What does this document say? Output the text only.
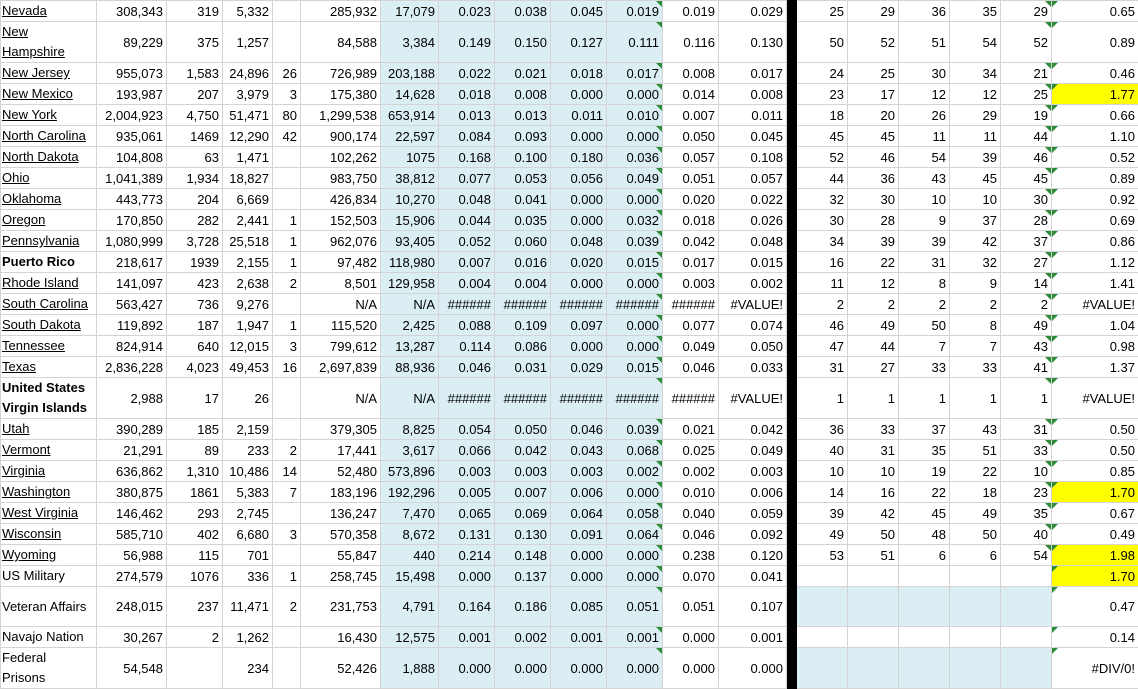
Nevada	308,343	319	5,332		285,932	17,079	0.023	0.038	0.045	0.019	0.019	0.029		25	29	36	35	29	0.65
New Hampshire	89,229	375	1,257		84,588	3,384	0.149	0.150	0.127	0.111	0.116	0.130		50	52	51	54	52	0.89
New Jersey	955,073	1,583	24,896	26	726,989	203,188	0.022	0.021	0.018	0.017	0.008	0.017		24	25	30	34	21	0.46
New Mexico	193,987	207	3,979	3	175,380	14,628	0.018	0.008	0.000	0.000	0.014	0.008		23	17	12	12	25	1.77
New York	2,004,923	4,750	51,471	80	1,299,538	653,914	0.013	0.013	0.011	0.010	0.007	0.011		18	20	26	29	19	0.66
North Carolina	935,061	1469	12,290	42	900,174	22,597	0.084	0.093	0.000	0.000	0.050	0.045		45	45	11	11	44	1.10
North Dakota	104,808	63	1,471		102,262	1075	0.168	0.100	0.180	0.036	0.057	0.108		52	46	54	39	46	0.52
Ohio	1,041,389	1,934	18,827		983,750	38,812	0.077	0.053	0.056	0.049	0.051	0.057		44	36	43	45	45	0.89
Oklahoma	443,773	204	6,669		426,834	10,270	0.048	0.041	0.000	0.000	0.020	0.022		32	30	10	10	30	0.92
Oregon	170,850	282	2,441	1	152,503	15,906	0.044	0.035	0.000	0.032	0.018	0.026		30	28	9	37	28	0.69
Pennsylvania	1,080,999	3,728	25,518	1	962,076	93,405	0.052	0.060	0.048	0.039	0.042	0.048		34	39	39	42	37	0.86
Puerto Rico	218,617	1939	2,155	1	97,482	118,980	0.007	0.016	0.020	0.015	0.017	0.015		16	22	31	32	27	1.12
Rhode Island	141,097	423	2,638	2	8,501	129,958	0.004	0.004	0.000	0.000	0.003	0.002		11	12	8	9	14	1.41
South Carolina	563,427	736	9,276		N/A	N/A	######	######	######	######	######	#VALUE!		2	2	2	2	2	#VALUE!
South Dakota	119,892	187	1,947	1	115,520	2,425	0.088	0.109	0.097	0.000	0.077	0.074		46	49	50	8	49	1.04
Tennessee	824,914	640	12,015	3	799,612	13,287	0.114	0.086	0.000	0.000	0.049	0.050		47	44	7	7	43	0.98
Texas	2,836,228	4,023	49,453	16	2,697,839	88,936	0.046	0.031	0.029	0.015	0.046	0.033		31	27	33	33	41	1.37
United States Virgin Islands	2,988	17	26		N/A	N/A	######	######	######	######	######	#VALUE!		1	1	1	1	1	#VALUE!
Utah	390,289	185	2,159		379,305	8,825	0.054	0.050	0.046	0.039	0.021	0.042		36	33	37	43	31	0.50
Vermont	21,291	89	233	2	17,441	3,617	0.066	0.042	0.043	0.068	0.025	0.049		40	31	35	51	33	0.50
Virginia	636,862	1,310	10,486	14	52,480	573,896	0.003	0.003	0.003	0.002	0.002	0.003		10	10	19	22	10	0.85
Washington	380,875	1861	5,383	7	183,196	192,296	0.005	0.007	0.006	0.000	0.010	0.006		14	16	22	18	23	1.70
West Virginia	146,462	293	2,745		136,247	7,470	0.065	0.069	0.064	0.058	0.040	0.059		39	42	45	49	35	0.67
Wisconsin	585,710	402	6,680	3	570,358	8,672	0.131	0.130	0.091	0.064	0.046	0.092		49	50	48	50	40	0.49
Wyoming	56,988	115	701		55,847	440	0.214	0.148	0.000	0.000	0.238	0.120		53	51	6	6	54	1.98
US Military	274,579	1076	336	1	258,745	15,498	0.000	0.137	0.000	0.000	0.070	0.041							1.70
Veteran Affairs	248,015	237	11,471	2	231,753	4,791	0.164	0.186	0.085	0.051	0.051	0.107							0.47
Navajo Nation	30,267	2	1,262		16,430	12,575	0.001	0.002	0.001	0.001	0.000	0.001							0.14
Federal Prisons	54,548		234		52,426	1,888	0.000	0.000	0.000	0.000	0.000	0.000							#DIV/0!
